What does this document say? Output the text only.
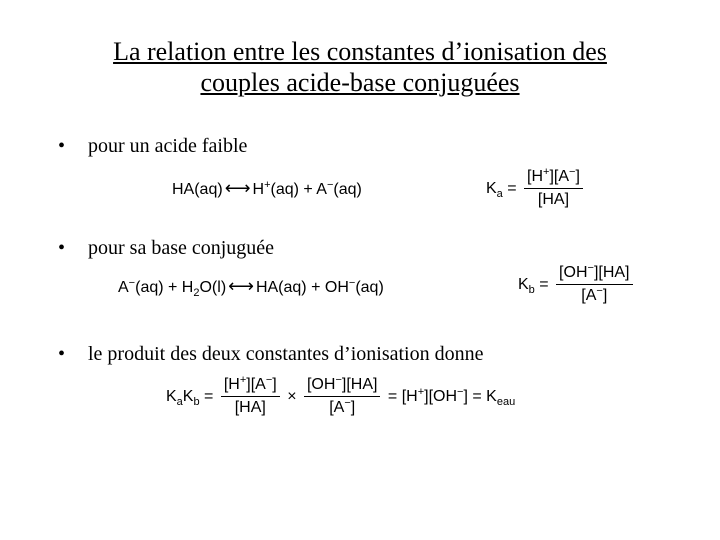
La relation entre les constantes d’ionisation des
couples acide-base conjuguées
• pour un acide faible
HA(aq) ⟷ H+(aq) + A−(aq)	$K_a = \frac{[H^+][A^-]}{[HA]}$
• pour sa base conjuguée
$A^-(aq) + H_2O(l)$ ⟷ HA(aq) + OH−(aq)	$K_b = \frac{[OH^-][HA]}{[A^-]}$
• le produit des deux constantes d’ionisation donne
$K_aK_b = \frac{[H^+][A^-]}{[HA]} \times \frac{[OH^-][HA]}{[A^-]} = [H^+][OH^-] = K_{eau}$
